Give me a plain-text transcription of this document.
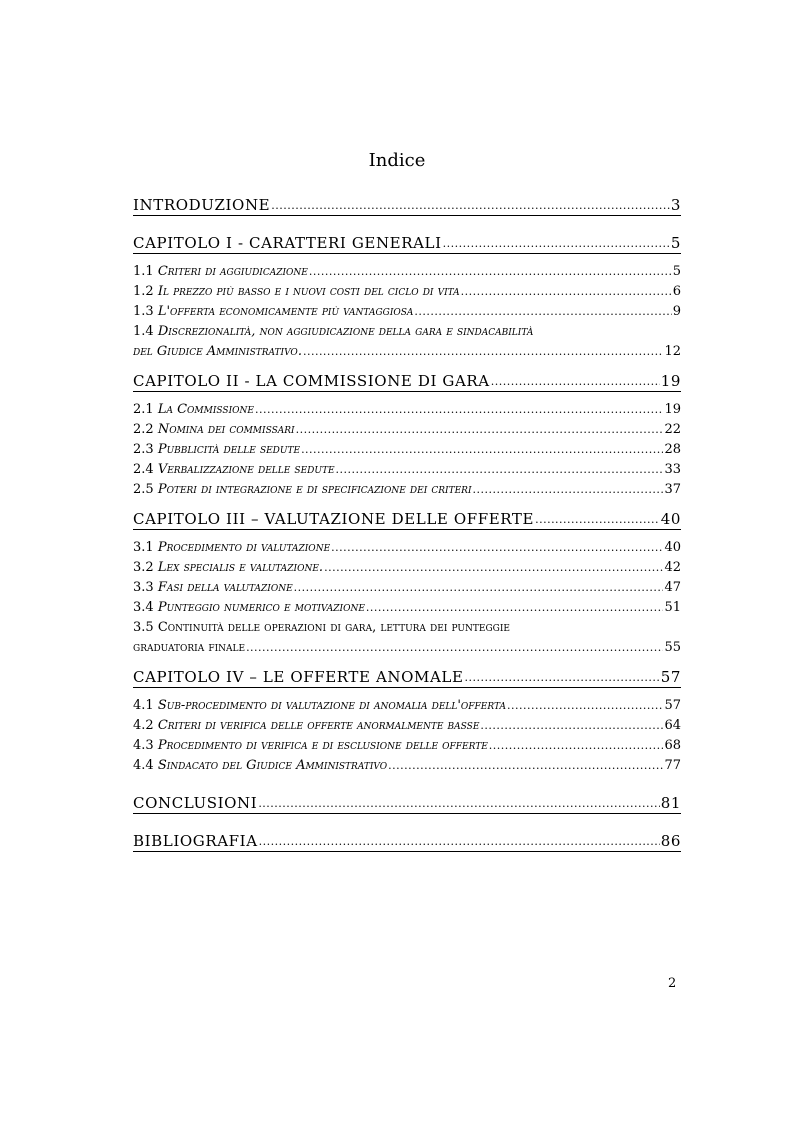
Indice
INTRODUZIONE .....	3
CAPITOLO I - CARATTERI GENERALI .....	5
1.1 Criteri di aggiudicazione .....	5
1.2 Il prezzo più basso e i nuovi costi del ciclo di vita .....	6
1.3 L'offerta economicamente più vantaggiosa .....	9
1.4 Discrezionalità, non aggiudicazione della gara e sindacabilità
del Giudice Amministrativo. .....	12
CAPITOLO II - LA COMMISSIONE DI GARA .....	19
2.1 La Commissione .....	19
2.2 Nomina dei commissari .....	22
2.3 Pubblicità delle sedute .....	28
2.4 Verbalizzazione delle sedute .....	33
2.5 Poteri di integrazione e di specificazione dei criteri .....	37
CAPITOLO III – VALUTAZIONE DELLE OFFERTE .....	40
3.1 Procedimento di valutazione .....	40
3.2 Lex specialis e valutazione. .....	42
3.3 Fasi della valutazione .....	47
3.4 Punteggio numerico e motivazione .....	51
3.5 Continuità delle operazioni di gara, lettura dei punteggie
graduatoria finale .....	55
CAPITOLO IV – LE OFFERTE ANOMALE .....	57
4.1 Sub-procedimento di valutazione di anomalia dell'offerta .....	57
4.2 Criteri di verifica delle offerte anormalmente basse .....	64
4.3 Procedimento di verifica e di esclusione delle offerte .....	68
4.4 Sindacato del Giudice Amministrativo .....	77
CONCLUSIONI .....	81
BIBLIOGRAFIA .....	86
2
